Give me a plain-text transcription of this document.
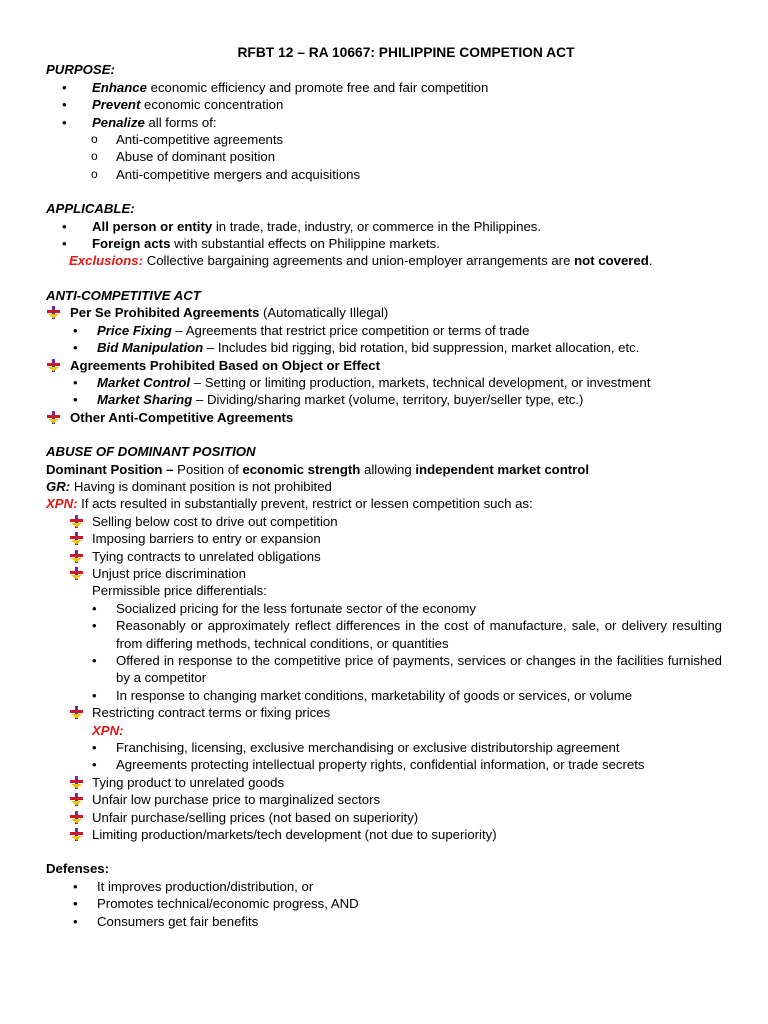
RFBT 12 – RA 10667: PHILIPPINE COMPETION ACT
PURPOSE:
• Enhance economic efficiency and promote free and fair competition
• Prevent economic concentration
• Penalize all forms of:
o Anti-competitive agreements
o Abuse of dominant position
o Anti-competitive mergers and acquisitions
APPLICABLE:
• All person or entity in trade, trade, industry, or commerce in the Philippines.
• Foreign acts with substantial effects on Philippine markets.
Exclusions: Collective bargaining agreements and union-employer arrangements are not covered.
ANTI-COMPETITIVE ACT
Per Se Prohibited Agreements (Automatically Illegal)
• Price Fixing – Agreements that restrict price competition or terms of trade
• Bid Manipulation – Includes bid rigging, bid rotation, bid suppression, market allocation, etc.
Agreements Prohibited Based on Object or Effect
• Market Control – Setting or limiting production, markets, technical development, or investment
• Market Sharing – Dividing/sharing market (volume, territory, buyer/seller type, etc.)
Other Anti-Competitive Agreements
ABUSE OF DOMINANT POSITION
Dominant Position – Position of economic strength allowing independent market control
GR: Having is dominant position is not prohibited
XPN: If acts resulted in substantially prevent, restrict or lessen competition such as:
Selling below cost to drive out competition
Imposing barriers to entry or expansion
Tying contracts to unrelated obligations
Unjust price discrimination
Permissible price differentials:
• Socialized pricing for the less fortunate sector of the economy
• Reasonably or approximately reflect differences in the cost of manufacture, sale, or delivery resulting from differing methods, technical conditions, or quantities
• Offered in response to the competitive price of payments, services or changes in the facilities furnished by a competitor
• In response to changing market conditions, marketability of goods or services, or volume
Restricting contract terms or fixing prices
XPN:
• Franchising, licensing, exclusive merchandising or exclusive distributorship agreement
• Agreements protecting intellectual property rights, confidential information, or trade secrets
Tying product to unrelated goods
Unfair low purchase price to marginalized sectors
Unfair purchase/selling prices (not based on superiority)
Limiting production/markets/tech development (not due to superiority)
Defenses:
• It improves production/distribution, or
• Promotes technical/economic progress, AND
• Consumers get fair benefits
